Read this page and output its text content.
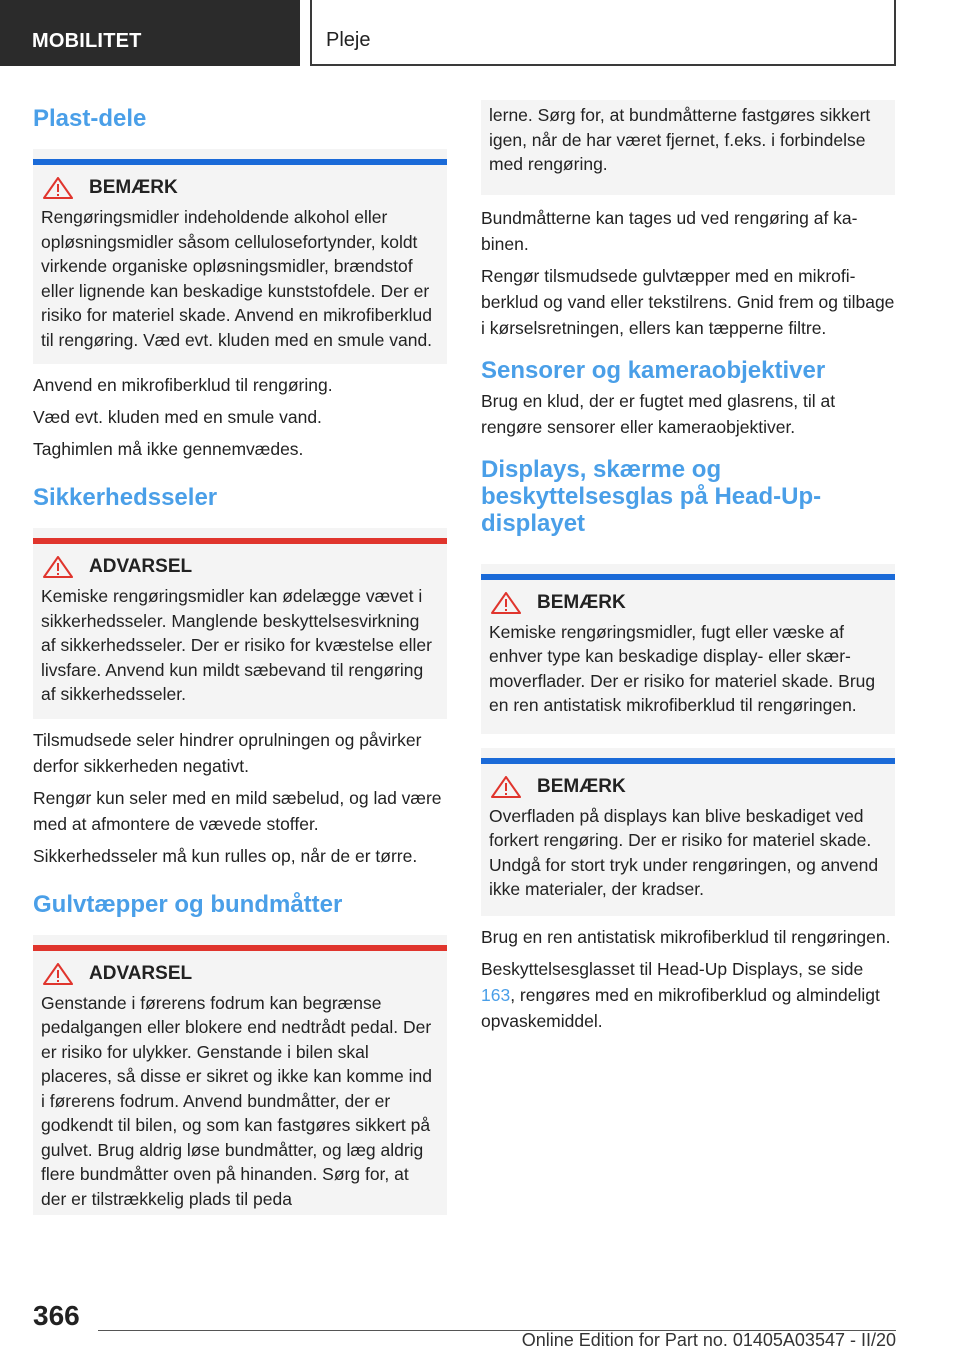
MOBILITET	Pleje
Plast-dele
BEMÆRK
Rengøringsmidler indeholdende alkohol eller opløsningsmidler såsom cellulosefortynder, koldt virkende organiske opløsningsmidler, brændstof eller lignende kan beskadige kunststofdele. Der er risiko for materiel skade. Anvend en mikrofiberklud til rengøring. Væd evt. kluden med en smule vand.

Anvend en mikrofiberklud til rengøring.

Væd evt. kluden med en smule vand.

Taghimlen må ikke gennemvædes.

Sikkerhedsseler
ADVARSEL
Kemiske rengøringsmidler kan ødelægge vævet i sikkerhedsseler. Manglende beskyttelsesvirkning af sikkerhedsseler. Der er risiko for kvæstelse eller livsfare. Anvend kun mildt sæbevand til rengøring af sikkerhedsseler.

Tilsmudsede seler hindrer oprulningen og påvirker derfor sikkerheden negativt.

Rengør kun seler med en mild sæbelud, og lad være med at afmontere de vævede stoffer.

Sikkerhedsseler må kun rulles op, når de er tørre.

Gulvtæpper og bundmåtter
ADVARSEL
Genstande i førerens fodrum kan begrænse pedalgangen eller blokere end nedtrådt pedal. Der er risiko for ulykker. Genstande i bilen skal placeres, så disse er sikret og ikke kan komme ind i førerens fodrum. Anvend bundmåtter, der er godkendt til bilen, og som kan fastgøres sikkert på gulvet. Brug aldrig løse bundmåtter, og læg aldrig flere bundmåtter oven på hinanden. Sørg for, at der er tilstrækkelig plads til peda
lerne. Sørg for, at bundmåtterne fastgøres sikkert igen, når de har været fjernet, f.eks. i forbindelse med rengøring.

Bundmåtterne kan tages ud ved rengøring af kabinen.

Rengør tilsmudsede gulvtæpper med en mikrofiberklud og vand eller tekstilrens. Gnid frem og tilbage i kørselsretningen, ellers kan tæpperne filtre.

Sensorer og kameraobjektiver

Brug en klud, der er fugtet med glasrens, til at rengøre sensorer eller kameraobjektiver.

Displays, skærme og beskyttelsesglas på Head-Up-displayet
BEMÆRK
Kemiske rengøringsmidler, fugt eller væske af enhver type kan beskadige display- eller skærmoverflader. Der er risiko for materiel skade. Brug en ren antistatisk mikrofiberklud til rengøringen.
BEMÆRK
Overfladen på displays kan blive beskadiget ved forkert rengøring. Der er risiko for materiel skade. Undgå for stort tryk under rengøringen, og anvend ikke materialer, der kradser.

Brug en ren antistatisk mikrofiberklud til rengøringen.

Beskyttelsesglasset til Head-Up Displays, se side 163, rengøres med en mikrofiberklud og almindeligt opvaskemiddel.

366
Online Edition for Part no. 01405A03547 - II/20
